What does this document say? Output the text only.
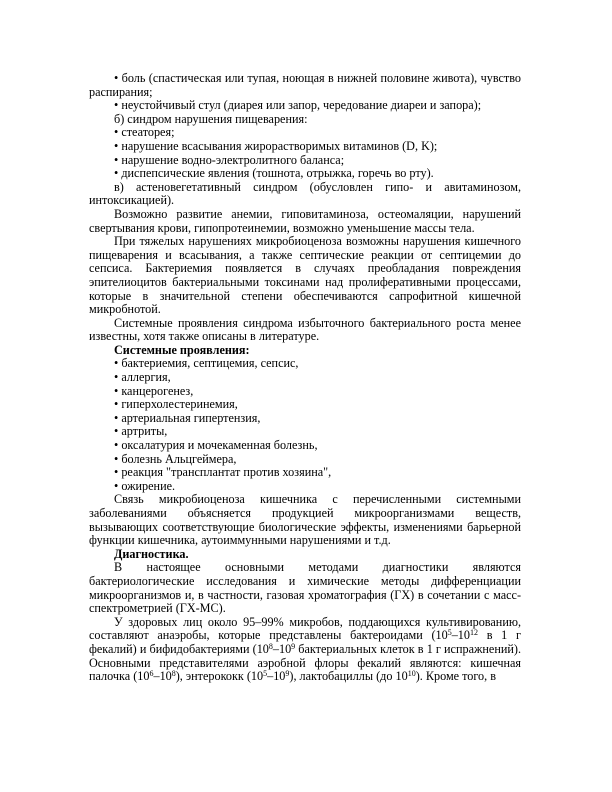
• боль (спастическая или тупая, ноющая в нижней половине живота), чувство распирания;

• неустойчивый стул (диарея или запор, чередование диареи и запора);

б) синдром нарушения пищеварения:

• стеаторея;

• нарушение всасывания жирорастворимых витаминов (D, K);

• нарушение водно-электролитного баланса;

• диспепсические явления (тошнота, отрыжка, горечь во рту).

в) астеновегетативный синдром (обусловлен гипо- и авитаминозом, интоксикацией).

Возможно развитие анемии, гиповитаминоза, остеомаляции, нарушений свертывания крови, гипопротеинемии, возможно уменьшение массы тела.

При тяжелых нарушениях микробиоценоза возможны нарушения кишечного пищеварения и всасывания, а также септические реакции от септицемии до сепсиса. Бактериемия появляется в случаях преобладания повреждения эпителиоцитов бактериальными токсинами над пролиферативными процессами, которые в значительной степени обеспечиваются сапрофитной кишечной микробнотой.

Системные проявления синдрома избыточного бактериального роста менее известны, хотя также описаны в литературе.

Системные проявления:

• бактериемия, септицемия, сепсис,

• аллергия,

• канцерогенез,

• гиперхолестеринемия,

• артериальная гипертензия,

• артриты,

• оксалатурия и мочекаменная болезнь,

• болезнь Альцгеймера,

• реакция "трансплантат против хозяина",

• ожирение.

Связь микробиоценоза кишечника с перечисленными системными заболеваниями объясняется продукцией микроорганизмами веществ, вызывающих соответствующие биологические эффекты, изменениями барьерной функции кишечника, аутоиммунными нарушениями и т.д.

Диагностика.

В настоящее основными методами диагностики являются бактериологические исследования и химические методы дифференциации микроорганизмов и, в частности, газовая хроматография (ГХ) в сочетании с масс-спектрометрией (ГХ-МС).

У здоровых лиц около 95–99% микробов, поддающихся культивированию, составляют анаэробы, которые представлены бактероидами ($10^5-10^{12}$ в 1 г фекалий) и бифидобактериями ($10^8-10^9$ бактериальных клеток в 1 г испражнений). Основными представителями аэробной флоры фекалий являются: кишечная палочка $(10^6-10^8)$, энтерококк $(10^5-10^9)$, лактобациллы (до $10^{10}$). Кроме того, в
